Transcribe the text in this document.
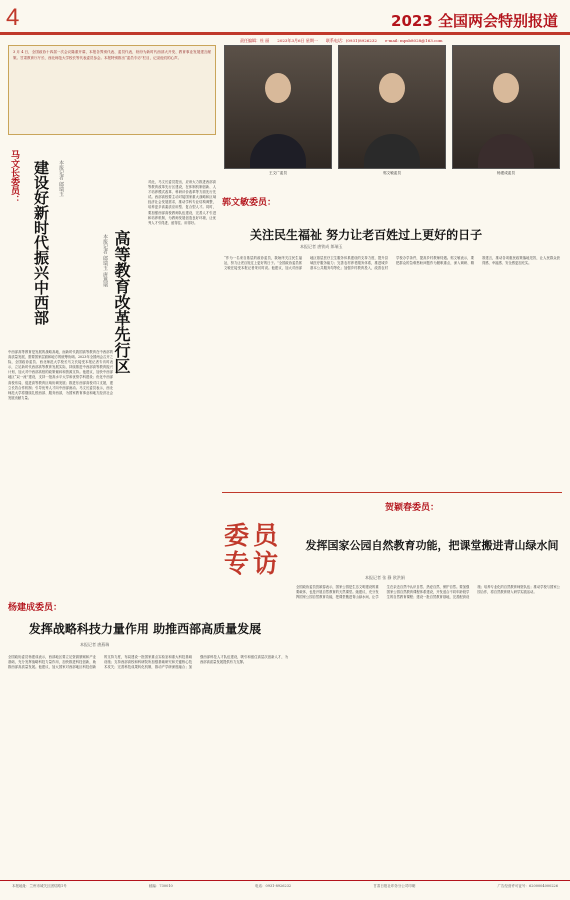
4	2023 全国两会特别报道
责任编辑：杜 丽 2023年3月6日 星期一 联系电话：(0931)8926232 e-mail: mpsb8028@163.com
3 月 4 日，全国政协十四届一次会议隆重开幕，本报各界别代表、委员代表，纷纷为新时代西部大开发、教育事业发展建言献策。甘肃教育厅厅长、西北师范大学校长等代表委员参会。本报特别推出“委员专访”栏目，记录他们的心声。
王文广委员	郭文敏委员	杨建成委员
马文长委员： 建设好新时代振兴中西部 本报记者 郎瑞玉
中西部高等教育是发展的战略高地，而新时代我国高等教育在中西部的高质量发展，需要国家层面和地方的统筹协调。2023年全国两会召开之际，全国政协委员、西北师范大学校长马文长接受本报记者专访时表示，立足新时代西部高等教育发展实际，持续推进中西部高等教育振兴计划，加大对中西部高校的政策倾斜和资源支持。他建议，加快中西部地区“双一流”建设，支持一批高水平大学和优势学科建设；优化中西部高校布局，促进高等教育区域协调发展；推进东西部高校对口支援，建立长效合作机制；引导优秀人才向中西部流动。马文长委员表示，西北师范大学将继续扎根西部、服务西部，为国家教育事业和地方经济社会发展贡献力量。
高等教育改革先行区
本报记者 郎瑞玉 唐燕瑞
对此，马文长委员提出，应该大力推进西部高等教育改革先行区建设，在体制机制创新、人才培养模式改革、科研评价改革等方面先行先试。西部高校要主动对接国家重大战略和区域经济社会发展需求，推动学科专业结构调整，培养更多高素质应用型、复合型人才。同时，要加强西部高校教师队伍建设，完善人才引进和培养机制，为教师发展创造良好环境，让优秀人才引得进、留得住、用得好。
郭文敏委员：
关注民生福祉 努力让老百姓过上更好的日子
本报记者 唐铁成 郎瑞玉
“作为一名来自基层的政协委员，我始终关注民生福祉，努力让老百姓过上更好的日子。”全国政协委员郭文敏在接受本报记者采访时说。他建议，加大对西部地区基层医疗卫生服务体系建设的支持力度，提升县域医疗服务能力；完善农村养老服务体系，推进城乡基本公共服务均等化；加强乡村教育投入，改善农村学校办学条件，提高乡村教师待遇。郭文敏表示，要把群众的急难愁盼问题作为履职重点，深入调研、精准建言，推动各项惠民政策落地见效，让人民群众获得感、幸福感、安全感更加充实。
委 员
专 访
贺颖春委员：
发挥国家公园自然教育功能，把课堂搬进青山绿水间
本报记者 张 静 欧洪娟
全国政协委员贺颖春表示，国家公园是生态文明建设的重要载体，也是开展自然教育的天然课堂。她建议，充分发挥国家公园自然教育功能，把课堂搬进青山绿水间，让学生在亲近自然中认识自然、热爱自然、保护自然。要加强国家公园自然教育课程体系建设，开发适合不同年龄段学生的自然教育课程；建设一批自然教育基地，完善配套设施；培养专业化的自然教育师资队伍；推动学校与国家公园合作，将自然教育纳入研学实践活动。
杨建成委员：
发挥战略科技力量作用 助推西部高质量发展
本报记者 唐燕瑞
全国政协委员杨建成表示，西部地区要立足资源禀赋和产业基础，充分发挥战略科技力量作用，加快推进科技创新，助推西部高质量发展。他建议，加大国家对西部地区科技创新的支持力度，布局建设一批国家重点实验室和重大科技基础设施；支持西部高校和科研院所加强基础研究和关键核心技术攻关；完善科技成果转化机制，推动产学研深度融合；加强西部科技人才队伍建设，吸引和留住高层次创新人才，为西部高质量发展提供有力支撑。
本报地址：兰州市城关区团结路1号	邮编：730010	电话：0931-8926232	甘肃日报社印务分公司印刷	广告经营许可证号：6200004000226
